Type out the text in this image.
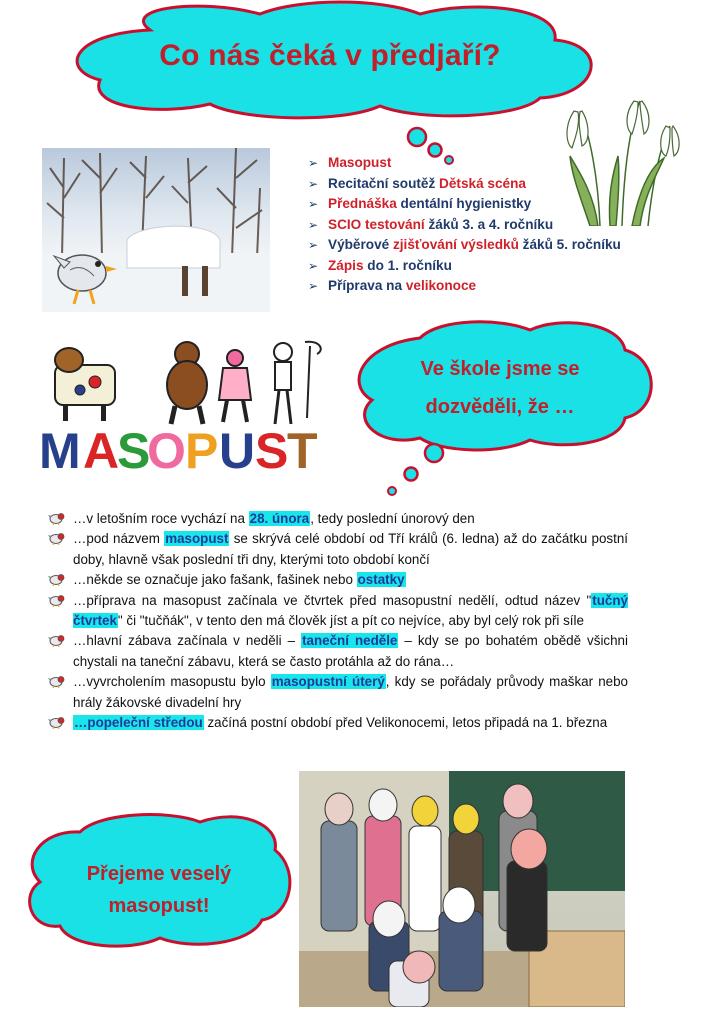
Co nás čeká v předjaří?
➢ Masopust
➢ Recitační soutěž Dětská scéna
➢ Přednáška dentální hygienistky
➢ SCIO testování žáků 3. a 4. ročníku
➢ Výběrové zjišťování výsledků žáků 5. ročníku
➢ Zápis do 1. ročníku
➢ Příprava na velikonoce
M A
S
O P U S
T
Ve škole jsme se
dozvěděli, že …
…v letošním roce vychází na 28. února, tedy poslední únorový den
…pod názvem masopust se skrývá celé období od Tří králů (6. ledna) až do začátku postní doby, hlavně však poslední tři dny, kterými toto období končí
…někde se označuje jako fašank, fašinek nebo ostatky
…příprava na masopust začínala ve čtvrtek před masopustní nedělí, odtud název "tučný čtvrtek" či "tučňák", v tento den má člověk jíst a pít co nejvíce, aby byl celý rok při síle
…hlavní zábava začínala v neděli – taneční neděle – kdy se po bohatém obědě všichni chystali na taneční zábavu, která se často protáhla až do rána…
…vyvrcholením masopustu bylo masopustní úterý, kdy se pořádaly průvody maškar nebo hrály žákovské divadelní hry
…popeleční středou začíná postní období před Velikonocemi, letos připadá na 1. března
Přejeme veselý
masopust!
